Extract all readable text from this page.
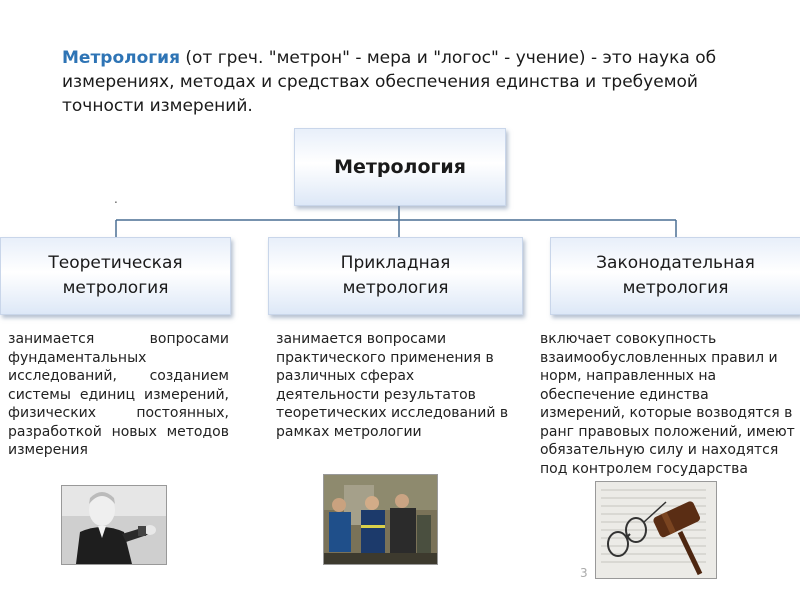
Метрология (от греч. "метрон" - мера и "логос" - учение) - это наука об измерениях, методах и средствах обеспечения единства и требуемой точности измерений.
.
Метрология
Теоретическая
метрология
Прикладная
метрология
Законодательная
метрология
занимается вопросами фундаментальных исследований, созданием системы единиц измерений, физических постоянных, разработкой новых методов измерения
занимается вопросами практического применения в различных сферах деятельности результатов теоретических исследований в рамках метрологии
включает совокупность взаимообусловленных правил и норм, направленных на обеспечение единства измерений, которые возводятся в ранг правовых положений, имеют обязательную силу и находятся под контролем государства
3
